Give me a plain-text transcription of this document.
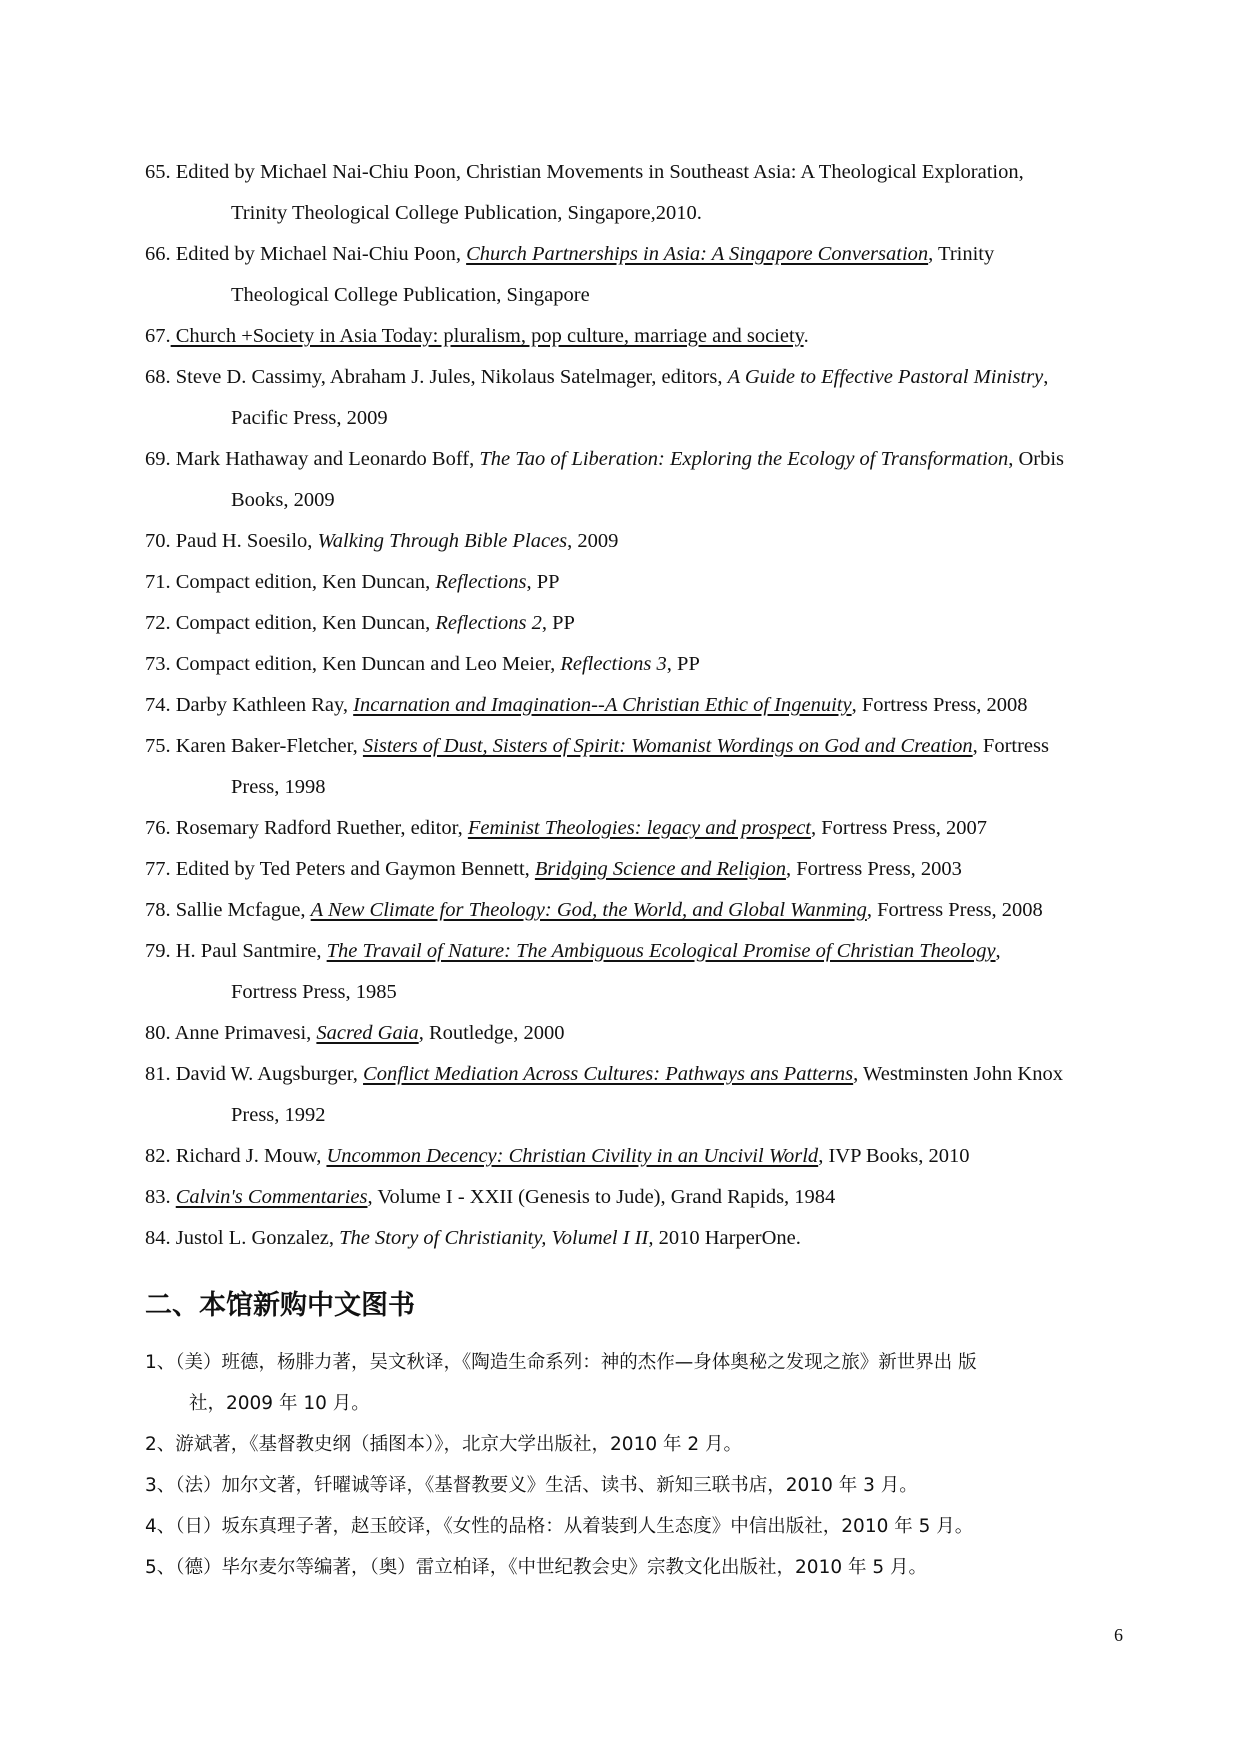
65. Edited by Michael Nai-Chiu Poon, Christian Movements in Southeast Asia: A Theological Exploration,
Trinity Theological College Publication, Singapore,2010.
66. Edited by Michael Nai-Chiu Poon, Church Partnerships in Asia: A Singapore Conversation, Trinity
Theological College Publication, Singapore
67. Church +Society in Asia Today: pluralism, pop culture, marriage and society.
68. Steve D. Cassimy, Abraham J. Jules, Nikolaus Satelmager, editors, A Guide to Effective Pastoral Ministry,
Pacific Press, 2009
69. Mark Hathaway and Leonardo Boff, The Tao of Liberation: Exploring the Ecology of Transformation, Orbis
Books, 2009
70. Paud H. Soesilo, Walking Through Bible Places, 2009
71. Compact edition, Ken Duncan, Reflections, PP
72. Compact edition, Ken Duncan, Reflections 2, PP
73. Compact edition, Ken Duncan and Leo Meier, Reflections 3, PP
74. Darby Kathleen Ray, Incarnation and Imagination--A Christian Ethic of Ingenuity, Fortress Press, 2008
75. Karen Baker-Fletcher, Sisters of Dust, Sisters of Spirit: Womanist Wordings on God and Creation, Fortress
Press, 1998
76. Rosemary Radford Ruether, editor, Feminist Theologies: legacy and prospect, Fortress Press, 2007
77. Edited by Ted Peters and Gaymon Bennett, Bridging Science and Religion, Fortress Press, 2003
78. Sallie Mcfague, A New Climate for Theology: God, the World, and Global Wanming, Fortress Press, 2008
79. H. Paul Santmire, The Travail of Nature: The Ambiguous Ecological Promise of Christian Theology,
Fortress Press, 1985
80. Anne Primavesi, Sacred Gaia, Routledge, 2000
81. David W. Augsburger, Conflict Mediation Across Cultures: Pathways ans Patterns, Westminsten John Knox
Press, 1992
82. Richard J. Mouw, Uncommon Decency: Christian Civility in an Uncivil World, IVP Books, 2010
83. Calvin's Commentaries, Volume I - XXII (Genesis to Jude), Grand Rapids, 1984
84. Justol L. Gonzalez, The Story of Christianity, Volumel I II, 2010 HarperOne.
二、本馆新购中文图书
1、（美）班德，杨腓力著，吴文秋译，《陶造生命系列：神的杰作—身体奥秘之发现之旅》新世界出 版
社，2009 年 10 月。
2、游斌著，《基督教史纲（插图本）》，北京大学出版社，2010 年 2 月。
3、（法）加尔文著，钎曜诚等译，《基督教要义》生活、读书、新知三联书店，2010 年 3 月。
4、（日）坂东真理子著，赵玉皎译，《女性的品格：从着装到人生态度》中信出版社，2010 年 5 月。
5、（德）毕尔麦尔等编著，（奥）雷立柏译，《中世纪教会史》宗教文化出版社，2010 年 5 月。
6
